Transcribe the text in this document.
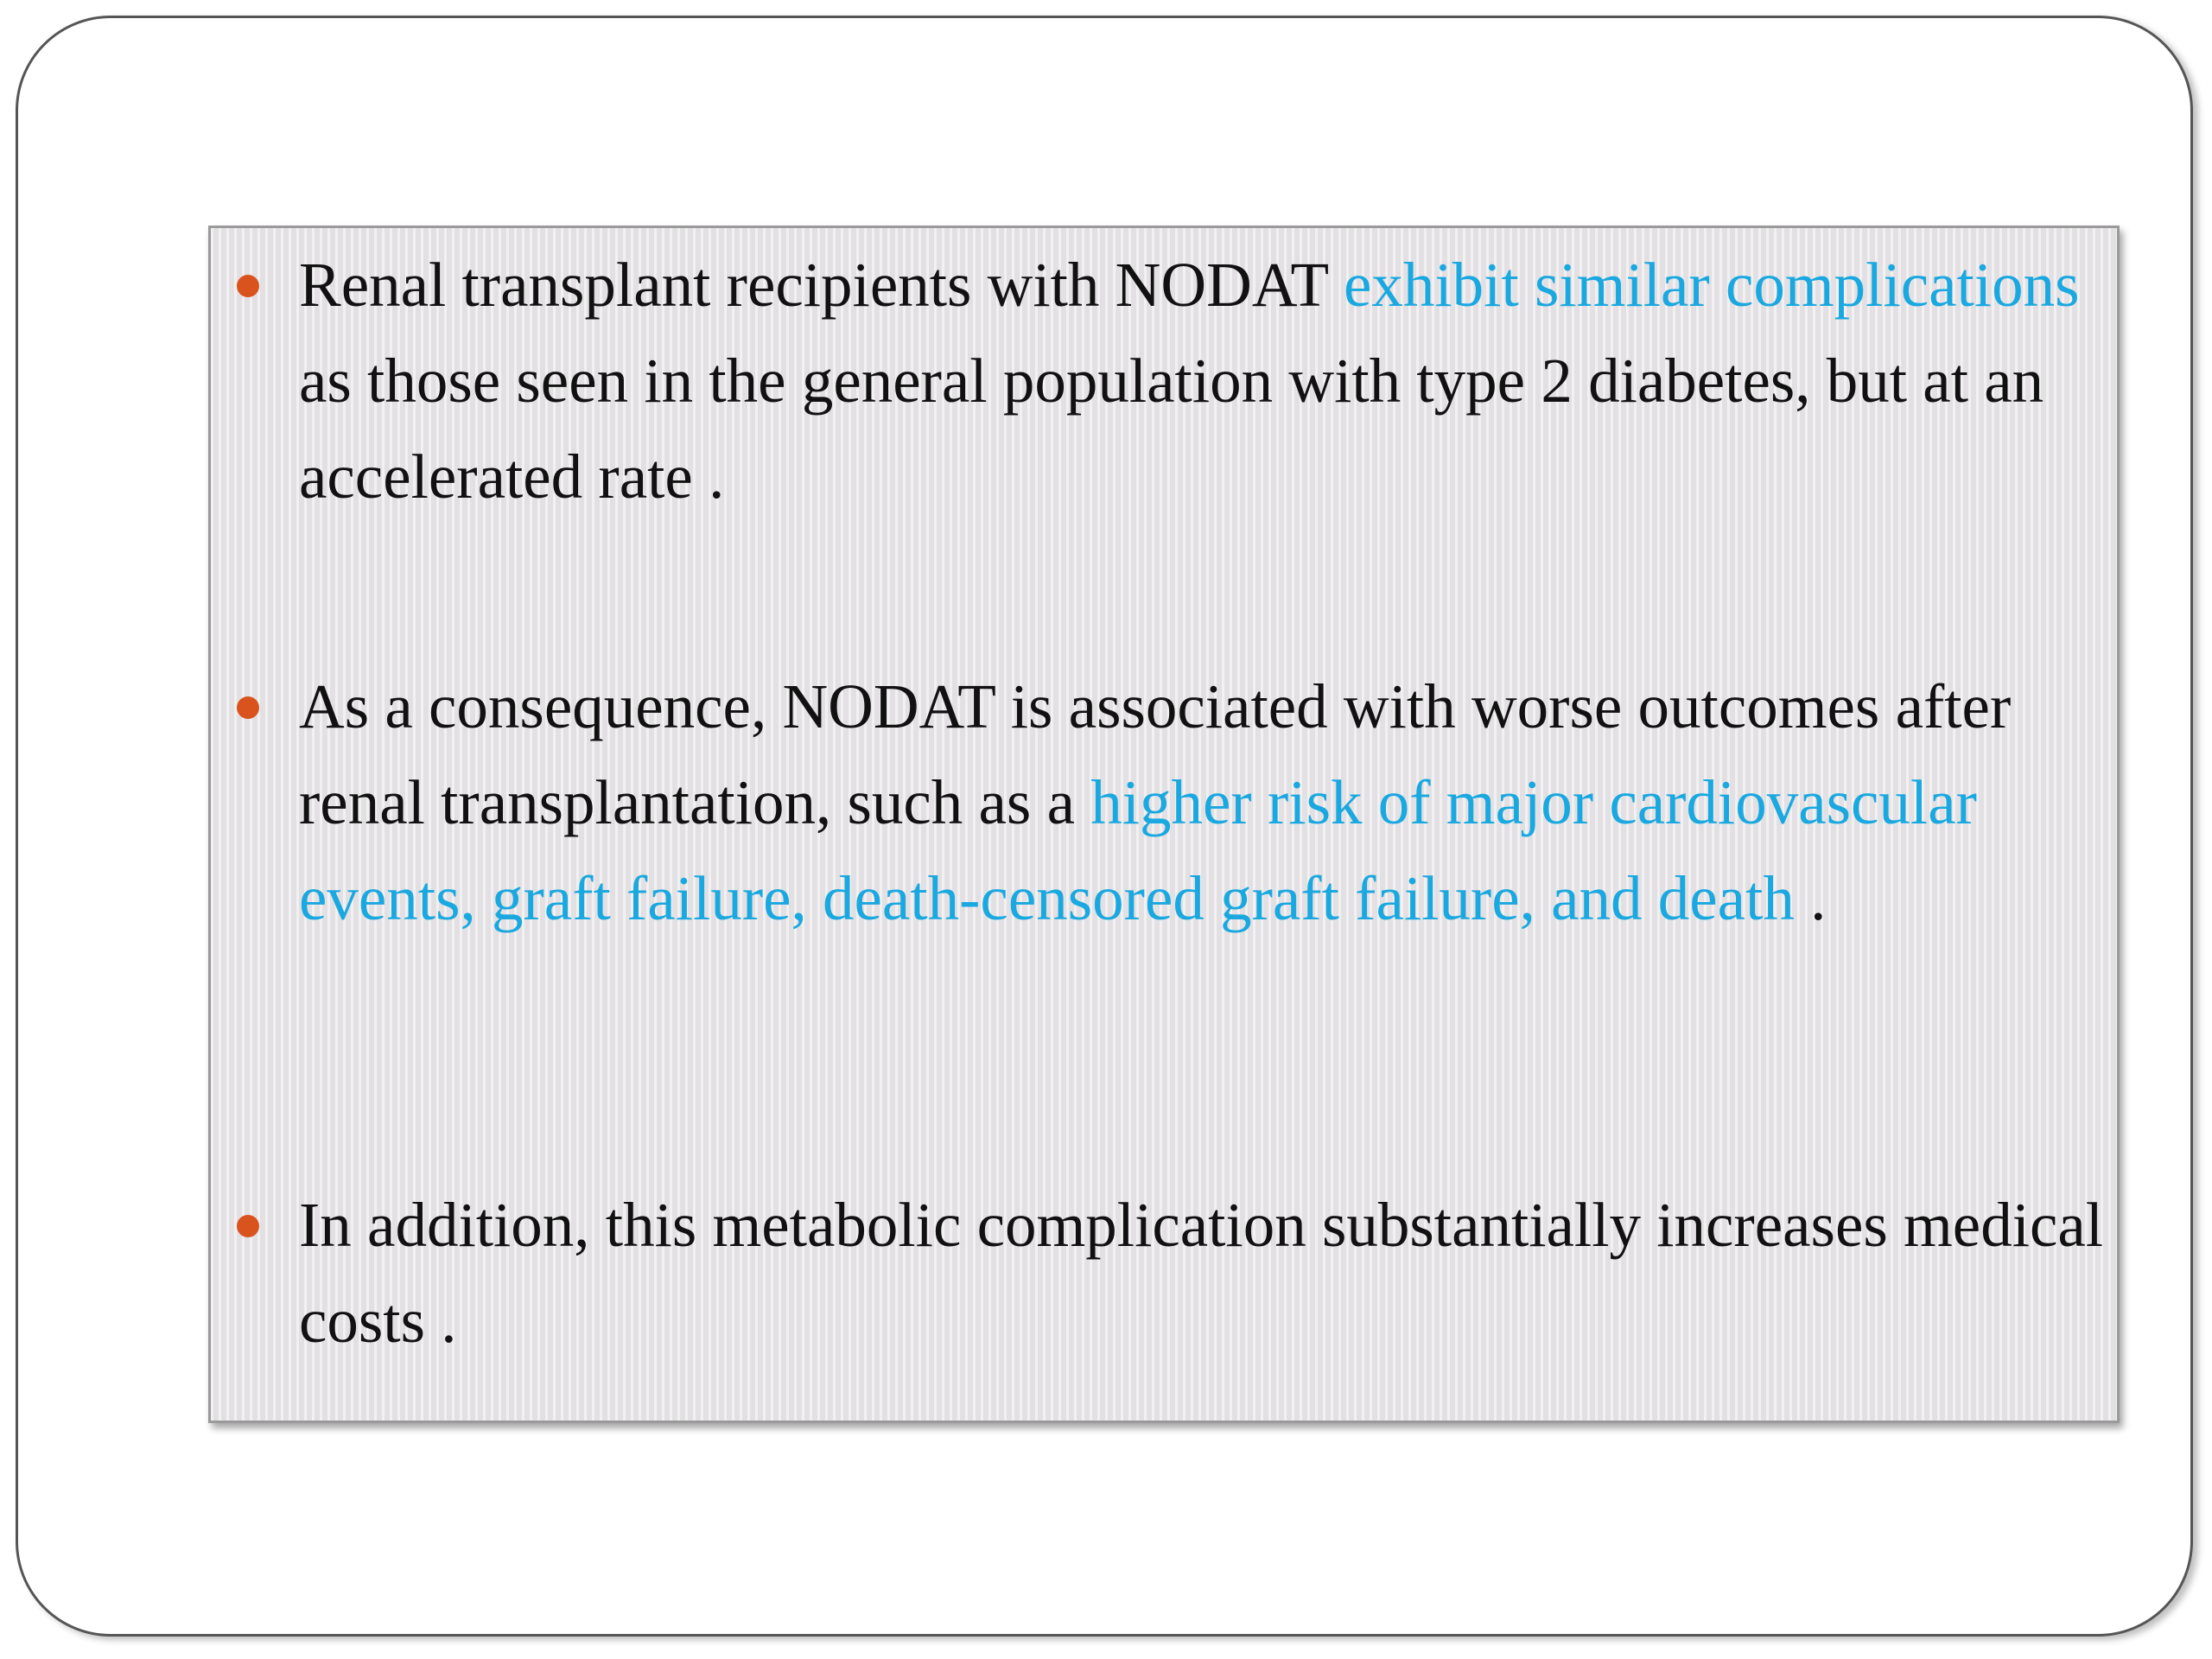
Renal transplant recipients with NODAT exhibit similar complications as those seen in the general population with type 2 diabetes, but at an accelerated rate .
As a consequence, NODAT is associated with worse outcomes after renal transplantation, such as a higher risk of major cardiovascular events, graft failure, death-censored graft failure, and death .
In addition, this metabolic complication substantially increases medical costs .
